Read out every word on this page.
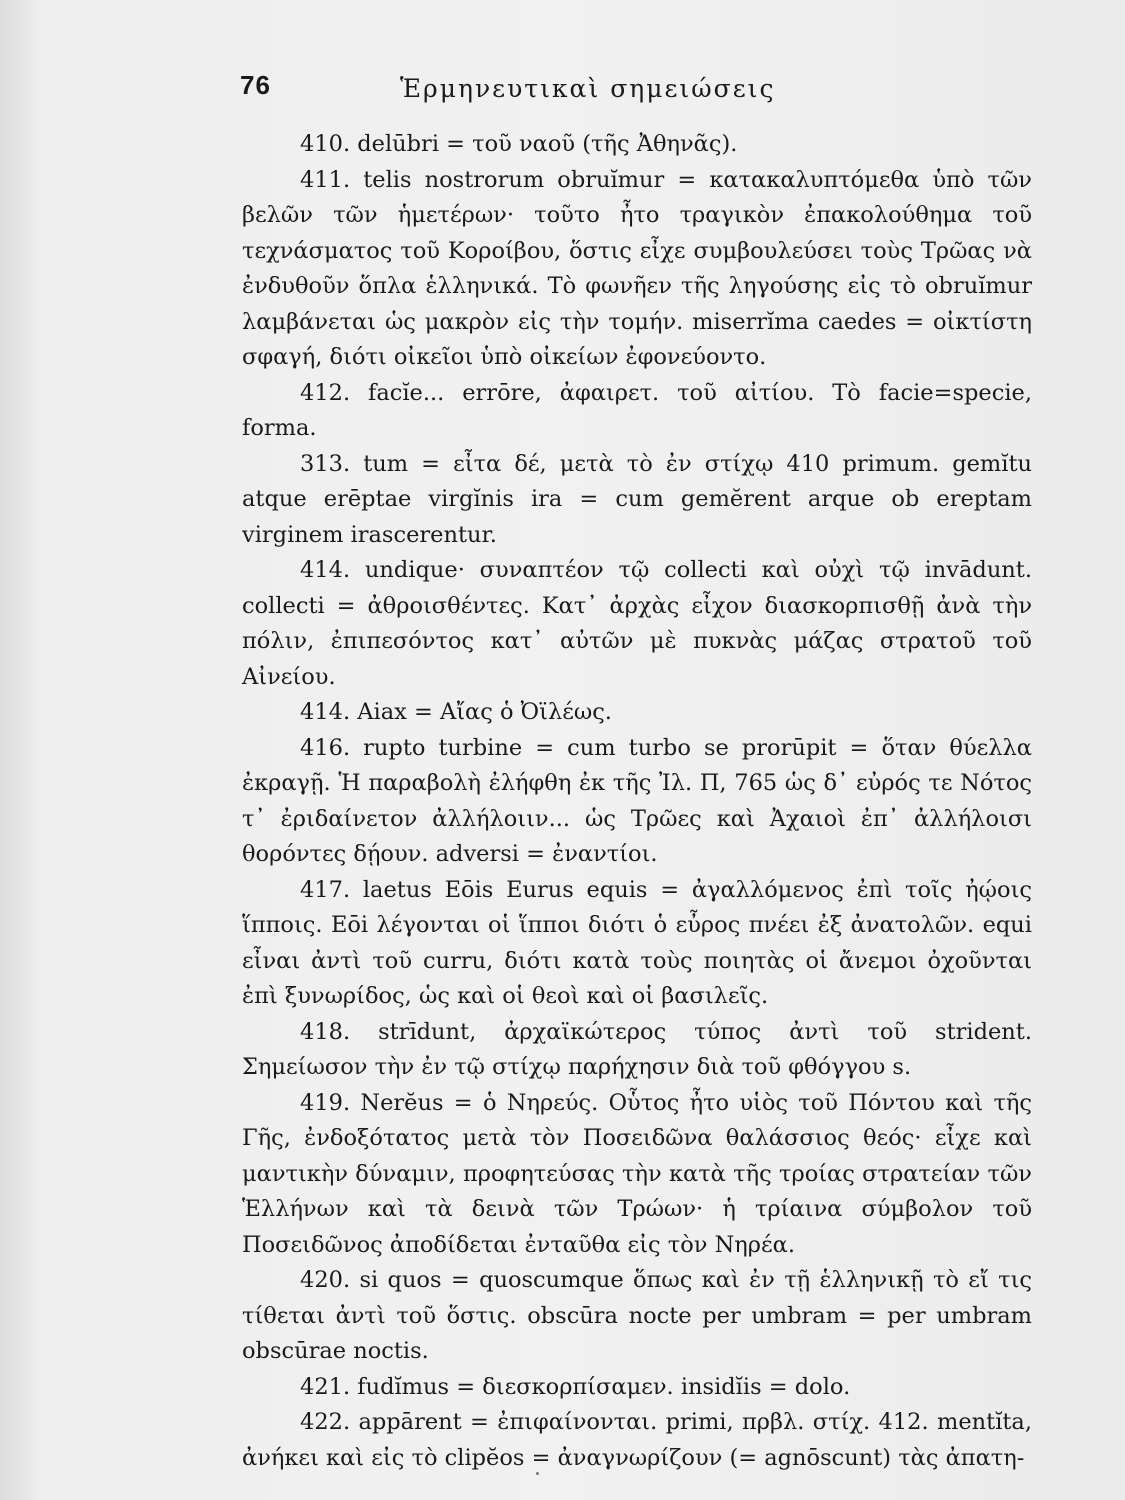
76	Ἑρμηνευτικαὶ σημειώσεις

410. delūbri = τοῦ ναοῦ (τῆς Ἀθηνᾶς).

411. telis nostrorum obruĭmur = κατακαλυπτόμεθα ὑπὸ τῶν βελῶν τῶν ἡμετέρων· τοῦτο ἦτο τραγικὸν ἐπακολούθημα τοῦ τεχνάσματος τοῦ Κοροίβου, ὅστις εἶχε συμβουλεύσει τοὺς Τρῶας νὰ ἐνδυθοῦν ὅπλα ἑλληνικά. Τὸ φωνῆεν τῆς ληγούσης εἰς τὸ obruĭmur λαμβάνεται ὡς μακρὸν εἰς τὴν τομήν. miserrĭma caedes = οἰκτίστη σφαγή, διότι οἰκεῖοι ὑπὸ οἰκείων ἐφονεύοντο.

412. facĭe... errōre, ἀφαιρετ. τοῦ αἰτίου. Τὸ facie=specie, forma.

313. tum = εἶτα δέ, μετὰ τὸ ἐν στίχῳ 410 primum. gemĭtu atque erēptae virgĭnis ira = cum gemĕrent arque ob ereptam virginem irascerentur.

414. undique· συναπτέον τῷ collecti καὶ οὐχὶ τῷ invādunt. collecti = ἀθροισθέντες. Κατ᾽ ἀρχὰς εἶχον διασκορπισθῇ ἀνὰ τὴν πόλιν, ἐπιπεσόντος κατ᾽ αὐτῶν μὲ πυκνὰς μάζας στρατοῦ τοῦ Αἰνείου.

414. Aiax = Αἴας ὁ Ὀϊλέως.

416. rupto turbine = cum turbo se prorūpit = ὅταν θύελλα ἐκραγῇ. Ἡ παραβολὴ ἐλήφθη ἐκ τῆς Ἰλ. Π, 765 ὡς δ᾽ εὐρός τε Νότος τ᾽ ἐριδαίνετον ἀλλήλοιιν... ὡς Τρῶες καὶ Ἀχαιοὶ ἐπ᾽ ἀλλήλοισι θορόντες δῄουν. adversi = ἐναντίοι.

417. laetus Eōis Eurus equis = ἀγαλλόμενος ἐπὶ τοῖς ἠῴοις ἵπποις. Eōi λέγονται οἱ ἵπποι διότι ὁ εὖρος πνέει ἐξ ἀνατολῶν. equi εἶναι ἀντὶ τοῦ curru, διότι κατὰ τοὺς ποιητὰς οἱ ἄνεμοι ὀχοῦνται ἐπὶ ξυνωρίδος, ὡς καὶ οἱ θεοὶ καὶ οἱ βασιλεῖς.

418. strīdunt, ἀρχαϊκώτερος τύπος ἀντὶ τοῦ strident. Σημείωσον τὴν ἐν τῷ στίχῳ παρήχησιν διὰ τοῦ φθόγγου s.

419. Nerĕus = ὁ Νηρεύς. Οὗτος ἦτο υἱὸς τοῦ Πόντου καὶ τῆς Γῆς, ἐνδοξότατος μετὰ τὸν Ποσειδῶνα θαλάσσιος θεός· εἶχε καὶ μαντικὴν δύναμιν, προφητεύσας τὴν κατὰ τῆς τροίας στρατείαν τῶν Ἑλλήνων καὶ τὰ δεινὰ τῶν Τρώων· ἡ τρίαινα σύμβολον τοῦ Ποσειδῶνος ἀποδίδεται ἐνταῦθα εἰς τὸν Νηρέα.

420. si quos = quoscumque ὅπως καὶ ἐν τῇ ἑλληνικῇ τὸ εἴ τις τίθεται ἀντὶ τοῦ ὅστις. obscūra nocte per umbram = per umbram obscūrae noctis.

421. fudĭmus = διεσκορπίσαμεν. insidĭis = dolo.

422. appārent = ἐπιφαίνονται. primi, πρβλ. στίχ. 412. mentĭta, ἀνήκει καὶ εἰς τὸ clipĕos = ἀναγνωρίζουν (= agnōscunt) τὰς ἀπατη-
